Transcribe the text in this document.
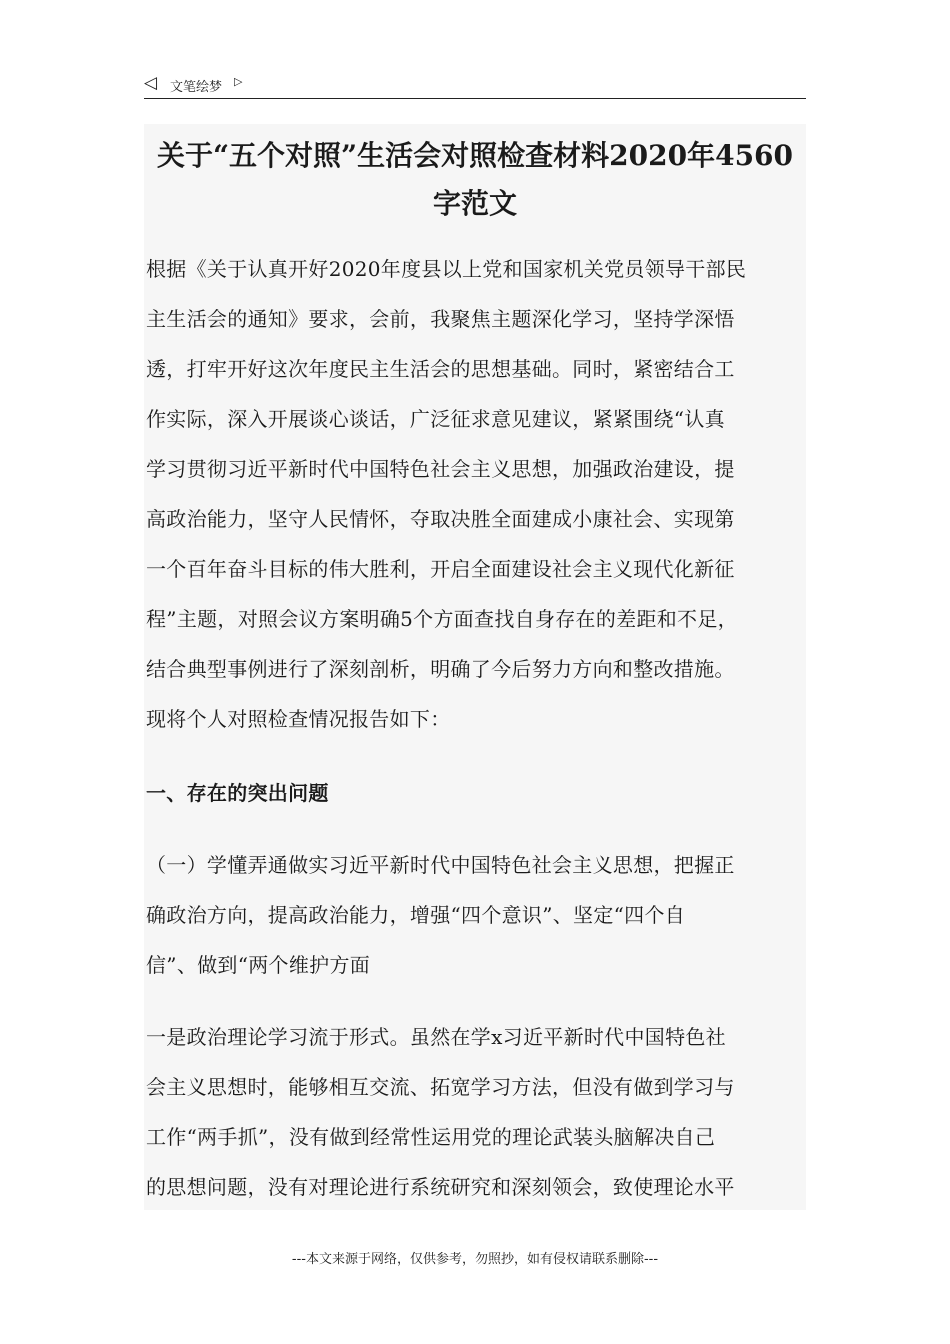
◁ 文笔绘梦 ▷
关于“五个对照”生活会对照检查材料2020年4560
字范文
根据《关于认真开好2020年度县以上党和国家机关党员领导干部民
主生活会的通知》要求，会前，我聚焦主题深化学习，坚持学深悟
透，打牢开好这次年度民主生活会的思想基础。同时，紧密结合工
作实际，深入开展谈心谈话，广泛征求意见建议，紧紧围绕“认真
学习贯彻习近平新时代中国特色社会主义思想，加强政治建设，提
高政治能力，坚守人民情怀，夺取决胜全面建成小康社会、实现第
一个百年奋斗目标的伟大胜利，开启全面建设社会主义现代化新征
程”主题，对照会议方案明确5个方面查找自身存在的差距和不足，
结合典型事例进行了深刻剖析，明确了今后努力方向和整改措施。
现将个人对照检查情况报告如下：
一、存在的突出问题
（一）学懂弄通做实习近平新时代中国特色社会主义思想，把握正
确政治方向，提高政治能力，增强“四个意识”、坚定“四个自
信”、做到“两个维护方面
一是政治理论学习流于形式。虽然在学x习近平新时代中国特色社
会主义思想时，能够相互交流、拓宽学习方法，但没有做到学习与
工作“两手抓”，没有做到经常性运用党的理论武装头脑解决自己
的思想问题，没有对理论进行系统研究和深刻领会，致使理论水平
---本文来源于网络，仅供参考，勿照抄，如有侵权请联系删除---
